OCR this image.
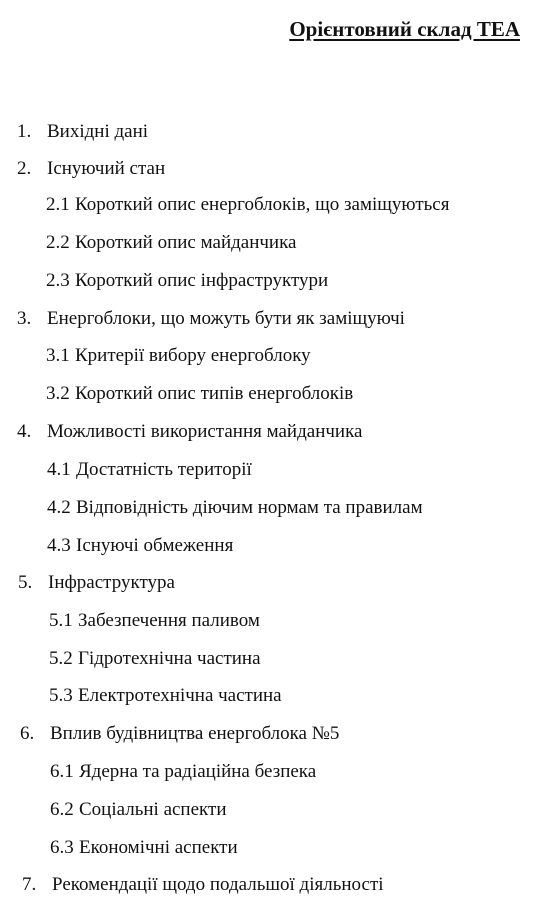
Орієнтовний склад ТЕА
1. Вихідні дані
2. Існуючий стан
2.1 Короткий опис енергоблоків, що заміщуються
2.2 Короткий опис майданчика
2.3 Короткий опис інфраструктури
3. Енергоблоки, що можуть бути як заміщуючі
3.1 Критерії вибору енергоблоку
3.2 Короткий опис типів енергоблоків
4. Можливості використання майданчика
4.1 Достатність території
4.2 Відповідність діючим нормам та правилам
4.3 Існуючі обмеження
5. Інфраструктура
5.1 Забезпечення паливом
5.2 Гідротехнічна частина
5.3 Електротехнічна частина
6. Вплив будівництва енергоблока №5
6.1 Ядерна та радіаційна безпека
6.2 Соціальні аспекти
6.3 Економічні аспекти
7. Рекомендації щодо подальшої діяльності
